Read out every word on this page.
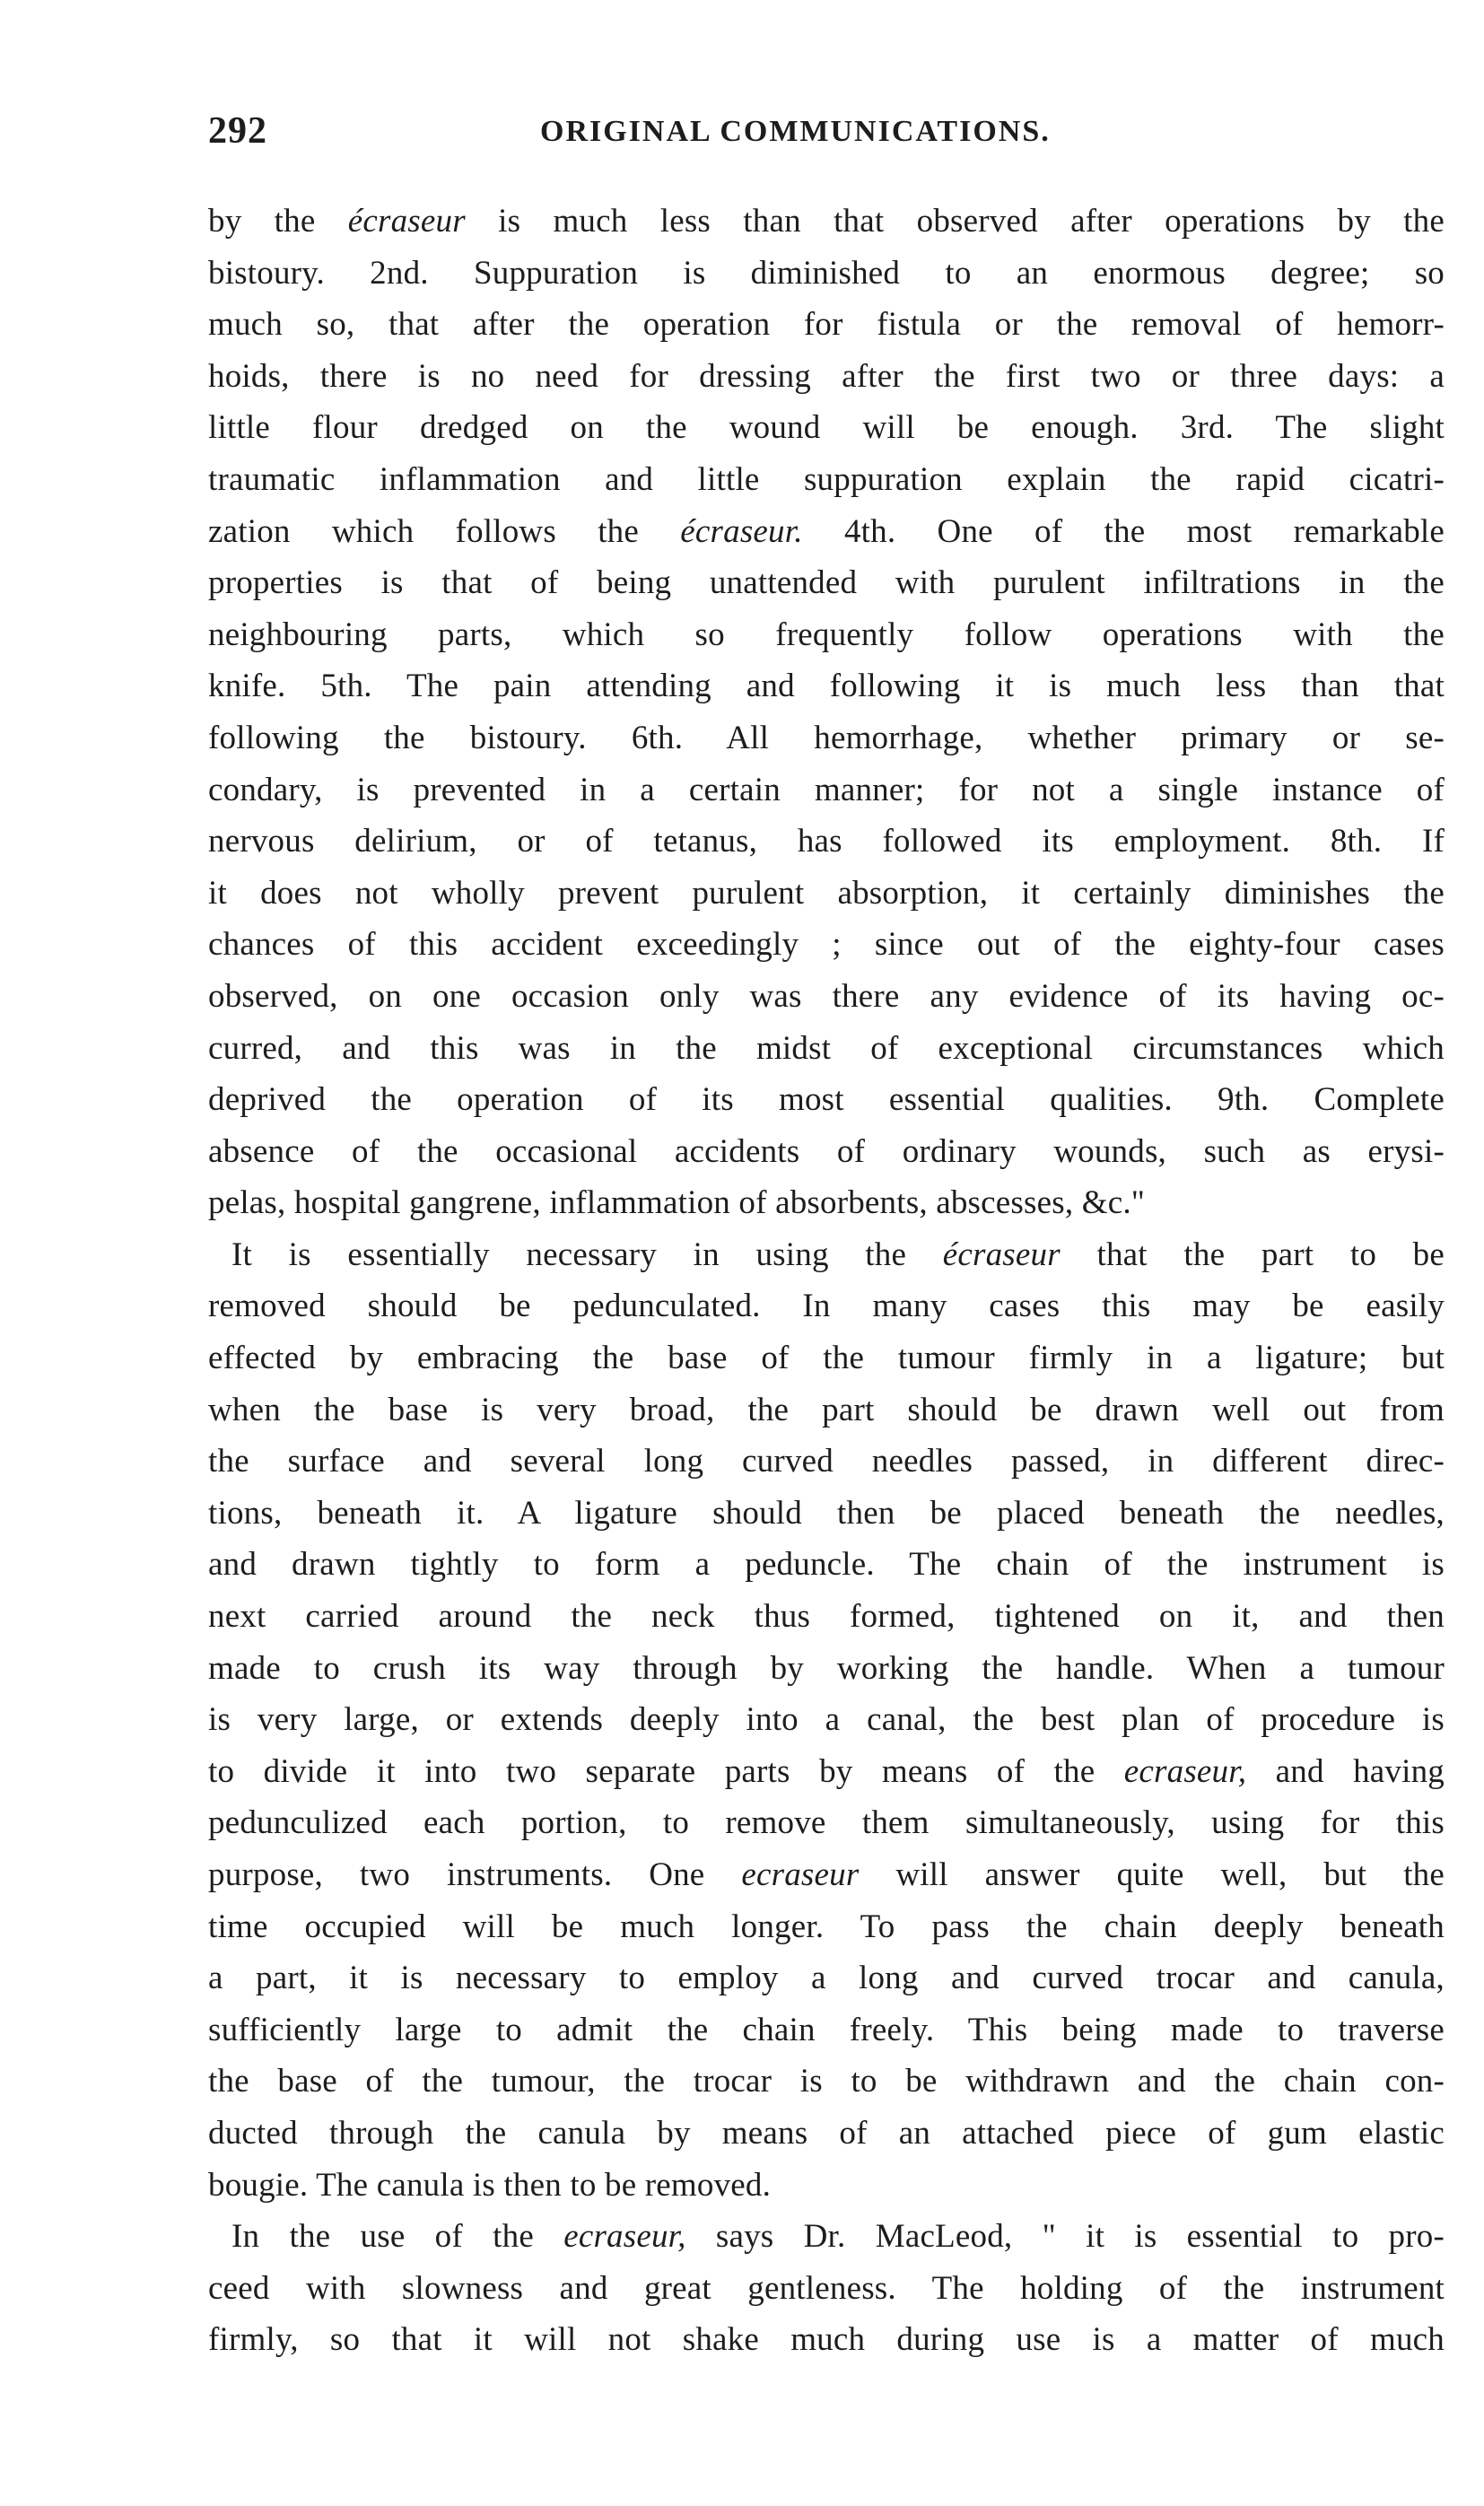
292	ORIGINAL COMMUNICATIONS.
by the écraseur is much less than that observed after operations by the
bistoury. 2nd. Suppuration is diminished to an enormous degree; so
much so, that after the operation for fistula or the removal of hemorr-
hoids, there is no need for dressing after the first two or three days: a
little flour dredged on the wound will be enough. 3rd. The slight
traumatic inflammation and little suppuration explain the rapid cicatri-
zation which follows the écraseur. 4th. One of the most remarkable
properties is that of being unattended with purulent infiltrations in the
neighbouring parts, which so frequently follow operations with the
knife. 5th. The pain attending and following it is much less than that
following the bistoury. 6th. All hemorrhage, whether primary or se-
condary, is prevented in a certain manner; for not a single instance of
nervous delirium, or of tetanus, has followed its employment. 8th. If
it does not wholly prevent purulent absorption, it certainly diminishes the
chances of this accident exceedingly ; since out of the eighty-four cases
observed, on one occasion only was there any evidence of its having oc-
curred, and this was in the midst of exceptional circumstances which
deprived the operation of its most essential qualities. 9th. Complete
absence of the occasional accidents of ordinary wounds, such as erysi-
pelas, hospital gangrene, inflammation of absorbents, abscesses, &c."
It is essentially necessary in using the écraseur that the part to be
removed should be pedunculated. In many cases this may be easily
effected by embracing the base of the tumour firmly in a ligature; but
when the base is very broad, the part should be drawn well out from
the surface and several long curved needles passed, in different direc-
tions, beneath it. A ligature should then be placed beneath the needles,
and drawn tightly to form a peduncle. The chain of the instrument is
next carried around the neck thus formed, tightened on it, and then
made to crush its way through by working the handle. When a tumour
is very large, or extends deeply into a canal, the best plan of procedure is
to divide it into two separate parts by means of the ecraseur, and having
pedunculized each portion, to remove them simultaneously, using for this
purpose, two instruments. One ecraseur will answer quite well, but the
time occupied will be much longer. To pass the chain deeply beneath
a part, it is necessary to employ a long and curved trocar and canula,
sufficiently large to admit the chain freely. This being made to traverse
the base of the tumour, the trocar is to be withdrawn and the chain con-
ducted through the canula by means of an attached piece of gum elastic
bougie. The canula is then to be removed.
In the use of the ecraseur, says Dr. MacLeod, " it is essential to pro-
ceed with slowness and great gentleness. The holding of the instrument
firmly, so that it will not shake much during use is a matter of much
